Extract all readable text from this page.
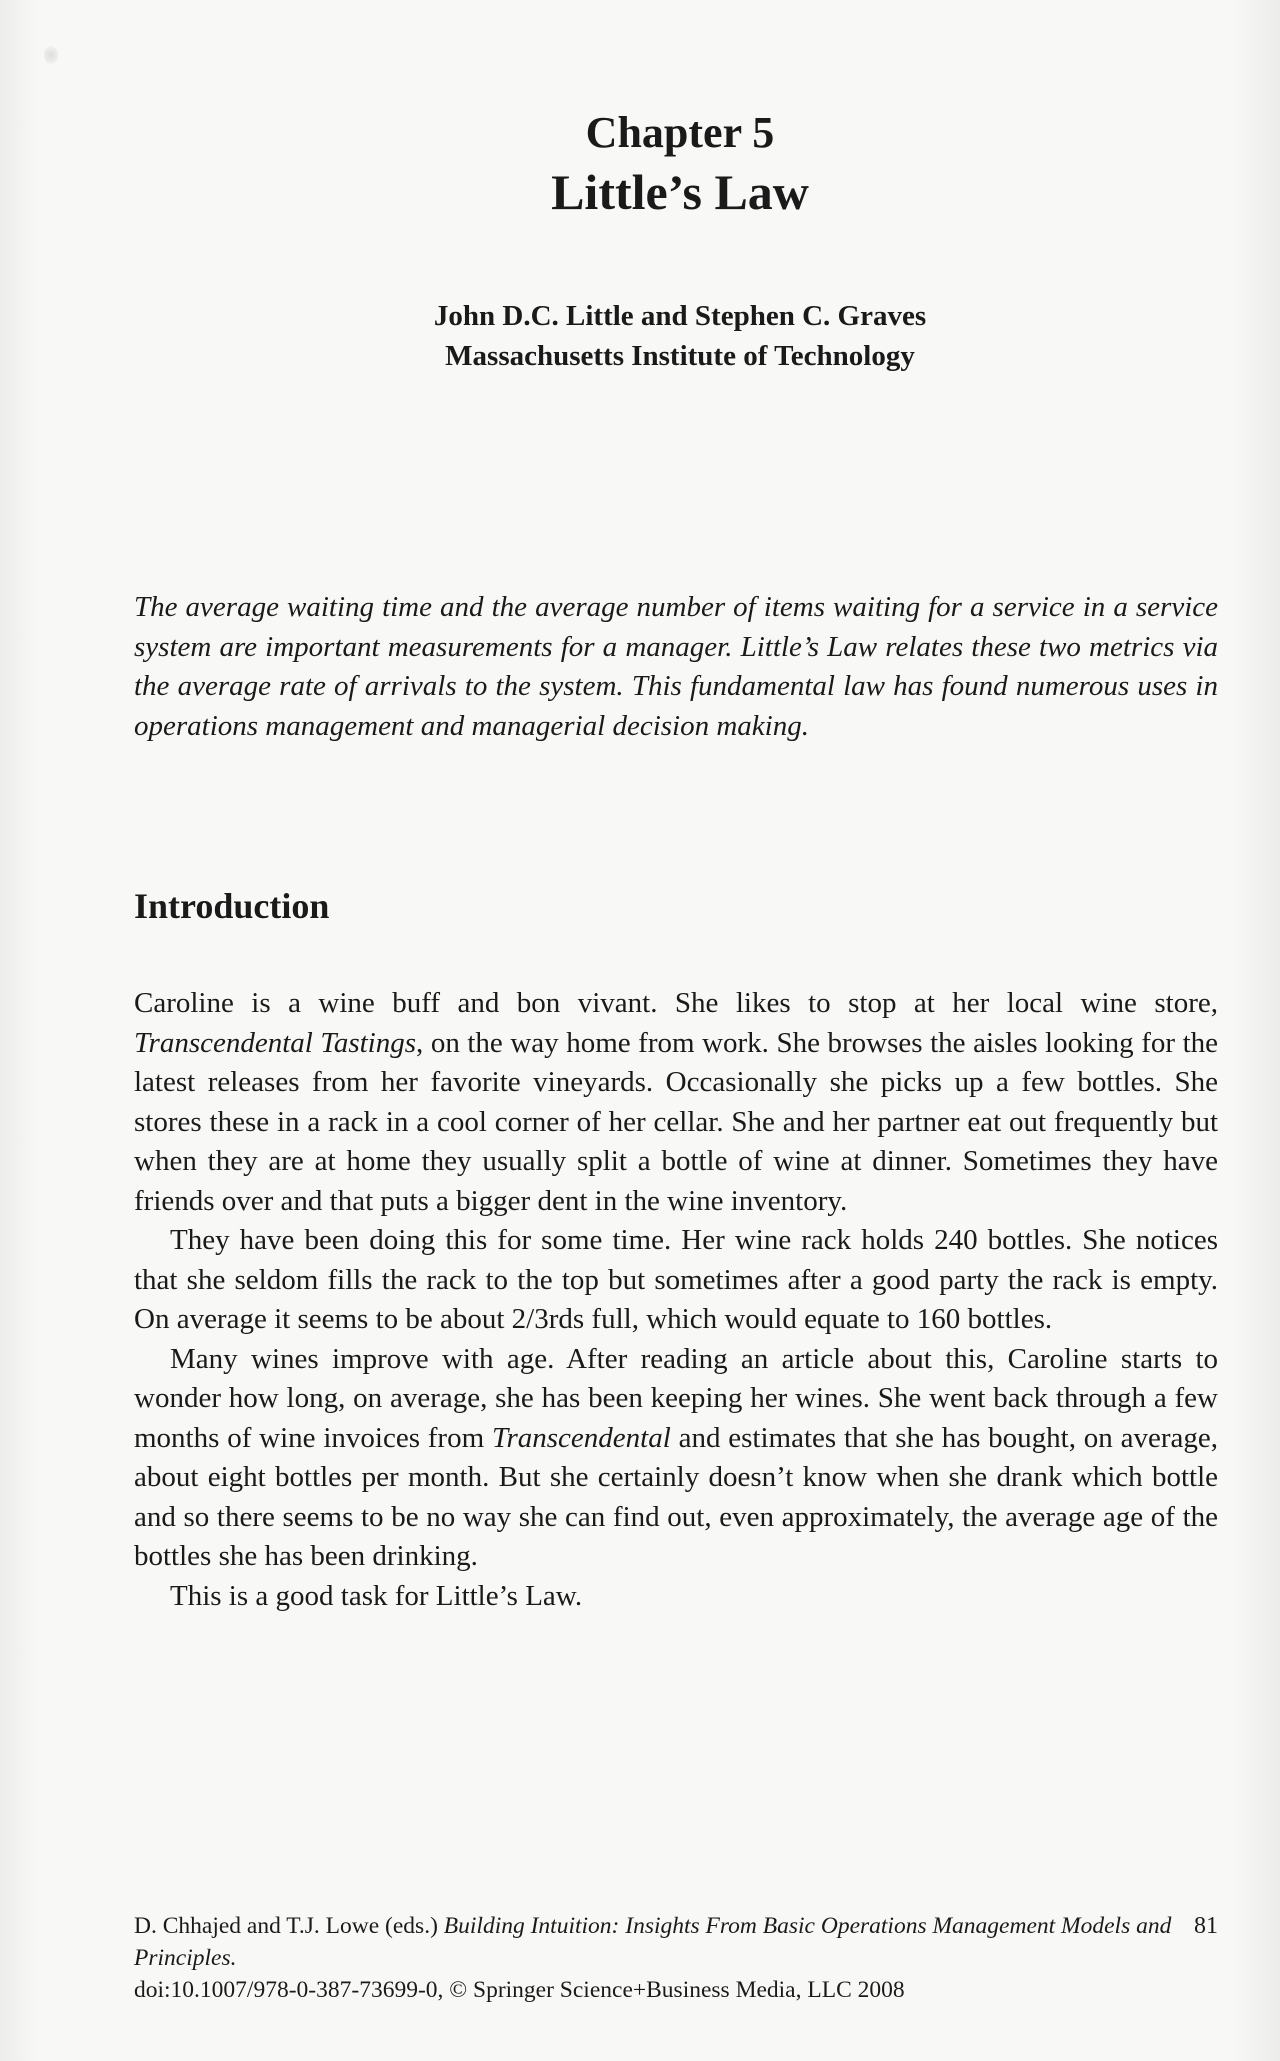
Chapter 5
Little’s Law
John D.C. Little and Stephen C. Graves
Massachusetts Institute of Technology
The average waiting time and the average number of items waiting for a service in a service system are important measurements for a manager. Little’s Law relates these two metrics via the average rate of arrivals to the system. This fundamental law has found numerous uses in operations management and managerial decision making.
Introduction

Caroline is a wine buff and bon vivant. She likes to stop at her local wine store, Transcendental Tastings, on the way home from work. She browses the aisles looking for the latest releases from her favorite vineyards. Occasionally she picks up a few bottles. She stores these in a rack in a cool corner of her cellar. She and her partner eat out frequently but when they are at home they usually split a bottle of wine at dinner. Sometimes they have friends over and that puts a bigger dent in the wine inventory.

They have been doing this for some time. Her wine rack holds 240 bottles. She notices that she seldom fills the rack to the top but sometimes after a good party the rack is empty. On average it seems to be about 2/3rds full, which would equate to 160 bottles.

Many wines improve with age. After reading an article about this, Caroline starts to wonder how long, on average, she has been keeping her wines. She went back through a few months of wine invoices from Transcendental and estimates that she has bought, on average, about eight bottles per month. But she certainly doesn’t know when she drank which bottle and so there seems to be no way she can find out, even approximately, the average age of the bottles she has been drinking.

This is a good task for Little’s Law.

D. Chhajed and T.J. Lowe (eds.) Building Intuition: Insights From Basic Operations Management Models and Principles.
doi:10.1007/978-0-387-73699-0, © Springer Science+Business Media, LLC 2008
81
